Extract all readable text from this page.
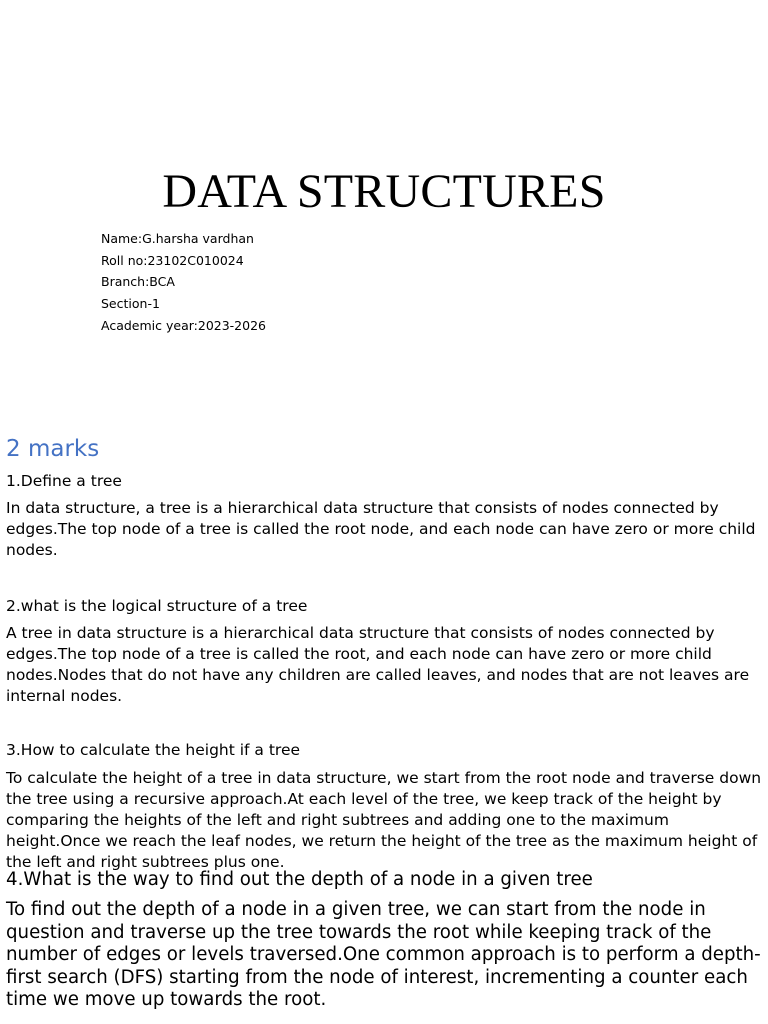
DATA STRUCTURES
Name:G.harsha vardhan
Roll no:23102C010024
Branch:BCA
Section-1
Academic year:2023-2026
2 marks
1.Define a tree

In data structure, a tree is a hierarchical data structure that consists of nodes connected by edges.The top node of a tree is called the root node, and each node can have zero or more child nodes.

2.what is the logical structure of a tree

A tree in data structure is a hierarchical data structure that consists of nodes connected by edges.The top node of a tree is called the root, and each node can have zero or more child nodes.Nodes that do not have any children are called leaves, and nodes that are not leaves are internal nodes.

3.How to calculate the height if a tree

To calculate the height of a tree in data structure, we start from the root node and traverse down the tree using a recursive approach.At each level of the tree, we keep track of the height by comparing the heights of the left and right subtrees and adding one to the maximum height.Once we reach the leaf nodes, we return the height of the tree as the maximum height of the left and right subtrees plus one.

4.What is the way to find out the depth of a node in a given tree

To find out the depth of a node in a given tree, we can start from the node in question and traverse up the tree towards the root while keeping track of the number of edges or levels traversed.One common approach is to perform a depth-first search (DFS) starting from the node of interest, incrementing a counter each time we move up towards the root.
